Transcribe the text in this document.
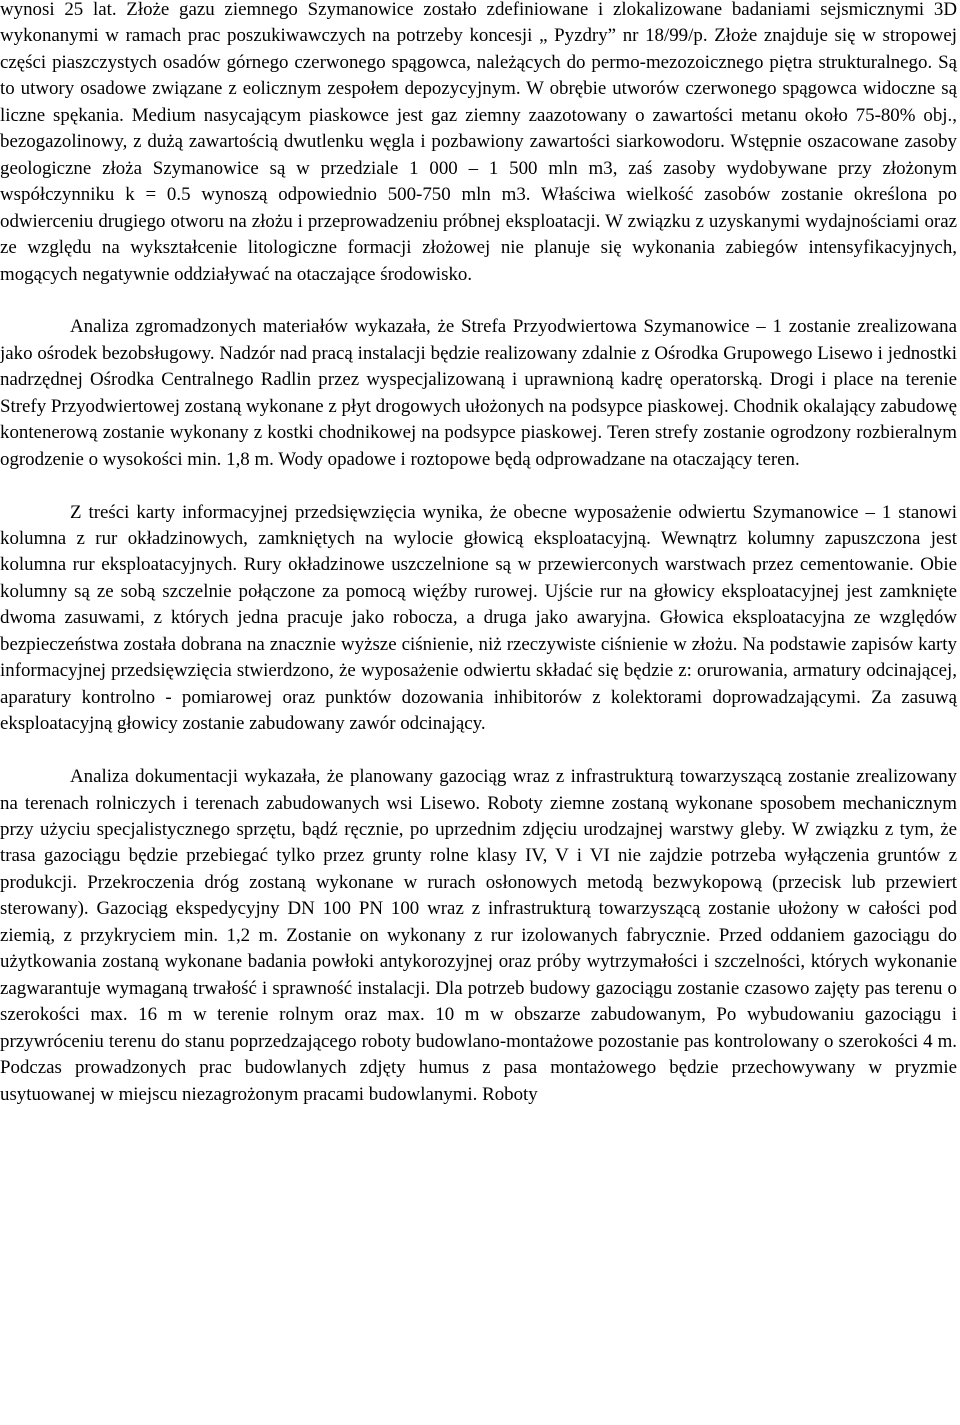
wynosi 25 lat. Złoże gazu ziemnego Szymanowice zostało zdefiniowane i zlokalizowane badaniami sejsmicznymi 3D wykonanymi w ramach prac poszukiwawczych na potrzeby koncesji „ Pyzdry” nr 18/99/p. Złoże znajduje się w stropowej części piaszczystych osadów górnego czerwonego spągowca, należących do permo-mezozoicznego piętra strukturalnego. Są to utwory osadowe związane z eolicznym zespołem depozycyjnym. W obrębie utworów czerwonego spągowca widoczne są liczne spękania. Medium nasycającym piaskowce jest gaz ziemny zaazotowany o zawartości metanu około 75-80% obj., bezogazolinowy, z dużą zawartością dwutlenku węgla i pozbawiony zawartości siarkowodoru. Wstępnie oszacowane zasoby geologiczne złoża Szymanowice są w przedziale 1 000 – 1 500 mln m3, zaś zasoby wydobywane przy złożonym współczynniku k = 0.5 wynoszą odpowiednio 500-750 mln m3. Właściwa wielkość zasobów zostanie określona po odwierceniu drugiego otworu na złożu i przeprowadzeniu próbnej eksploatacji. W związku z uzyskanymi wydajnościami oraz ze względu na wykształcenie litologiczne formacji złożowej nie planuje się wykonania zabiegów intensyfikacyjnych, mogących negatywnie oddziaływać na otaczające środowisko.

Analiza zgromadzonych materiałów wykazała, że Strefa Przyodwiertowa Szymanowice – 1 zostanie zrealizowana jako ośrodek bezobsługowy. Nadzór nad pracą instalacji będzie realizowany zdalnie z Ośrodka Grupowego Lisewo i jednostki nadrzędnej Ośrodka Centralnego Radlin przez wyspecjalizowaną i uprawnioną kadrę operatorską. Drogi i place na terenie Strefy Przyodwiertowej zostaną wykonane z płyt drogowych ułożonych na podsypce piaskowej. Chodnik okalający zabudowę kontenerową zostanie wykonany z kostki chodnikowej na podsypce piaskowej. Teren strefy zostanie ogrodzony rozbieralnym ogrodzenie o wysokości min. 1,8 m. Wody opadowe i roztopowe będą odprowadzane na otaczający teren.

Z treści karty informacyjnej przedsięwzięcia wynika, że obecne wyposażenie odwiertu Szymanowice – 1 stanowi kolumna z rur okładzinowych, zamkniętych na wylocie głowicą eksploatacyjną. Wewnątrz kolumny zapuszczona jest kolumna rur eksploatacyjnych. Rury okładzinowe uszczelnione są w przewierconych warstwach przez cementowanie. Obie kolumny są ze sobą szczelnie połączone za pomocą więźby rurowej. Ujście rur na głowicy eksploatacyjnej jest zamknięte dwoma zasuwami, z których jedna pracuje jako robocza, a druga jako awaryjna. Głowica eksploatacyjna ze względów bezpieczeństwa została dobrana na znacznie wyższe ciśnienie, niż rzeczywiste ciśnienie w złożu. Na podstawie zapisów karty informacyjnej przedsięwzięcia stwierdzono, że wyposażenie odwiertu składać się będzie z: orurowania, armatury odcinającej, aparatury kontrolno - pomiarowej oraz punktów dozowania inhibitorów z kolektorami doprowadzającymi. Za zasuwą eksploatacyjną głowicy zostanie zabudowany zawór odcinający.

Analiza dokumentacji wykazała, że planowany gazociąg wraz z infrastrukturą towarzyszącą zostanie zrealizowany na terenach rolniczych i terenach zabudowanych wsi Lisewo. Roboty ziemne zostaną wykonane sposobem mechanicznym przy użyciu specjalistycznego sprzętu, bądź ręcznie, po uprzednim zdjęciu urodzajnej warstwy gleby. W związku z tym, że trasa gazociągu będzie przebiegać tylko przez grunty rolne klasy IV, V i VI nie zajdzie potrzeba wyłączenia gruntów z produkcji. Przekroczenia dróg zostaną wykonane w rurach osłonowych metodą bezwykopową (przecisk lub przewiert sterowany). Gazociąg ekspedycyjny DN 100 PN 100 wraz z infrastrukturą towarzyszącą zostanie ułożony w całości pod ziemią, z przykryciem min. 1,2 m. Zostanie on wykonany z rur izolowanych fabrycznie. Przed oddaniem gazociągu do użytkowania zostaną wykonane badania powłoki antykorozyjnej oraz próby wytrzymałości i szczelności, których wykonanie zagwarantuje wymaganą trwałość i sprawność instalacji. Dla potrzeb budowy gazociągu zostanie czasowo zajęty pas terenu o szerokości max. 16 m w terenie rolnym oraz max. 10 m w obszarze zabudowanym, Po wybudowaniu gazociągu i przywróceniu terenu do stanu poprzedzającego roboty budowlano-montażowe pozostanie pas kontrolowany o szerokości 4 m. Podczas prowadzonych prac budowlanych zdjęty humus z pasa montażowego będzie przechowywany w pryzmie usytuowanej w miejscu niezagrożonym pracami budowlanymi. Roboty
